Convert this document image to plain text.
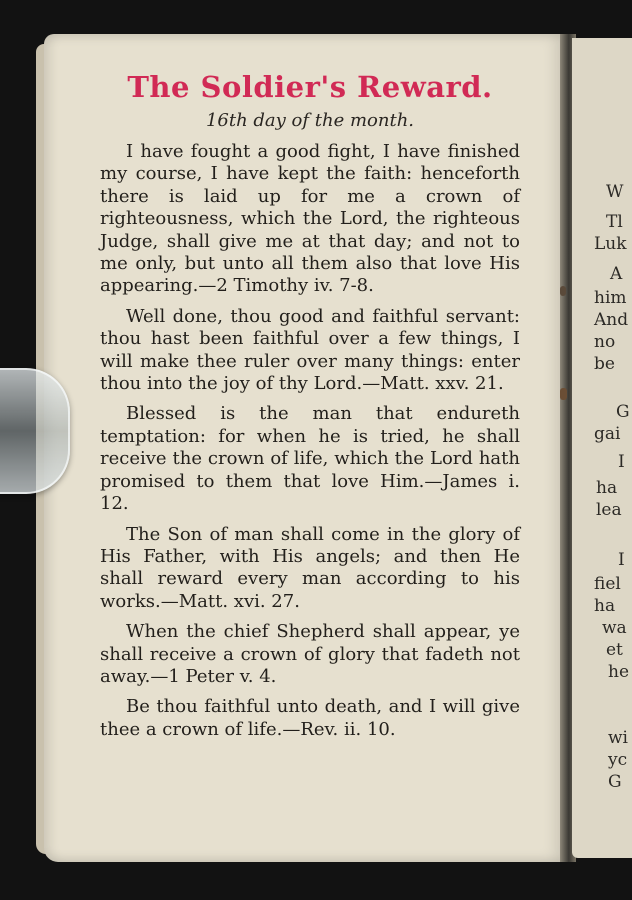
W
Tl
Luk
A
him
And
no
be
G
gai
I
ha
lea
I
fiel
ha
wa
et
he
wi
yc
G
The Soldier's Reward.
16th day of the month.

I have fought a good fight, I have finished my course, I have kept the faith: henceforth there is laid up for me a crown of righteousness, which the Lord, the righteous Judge, shall give me at that day; and not to me only, but unto all them also that love His appearing.—2 Timothy iv. 7-8.

Well done, thou good and faithful servant: thou hast been faithful over a few things, I will make thee ruler over many things: enter thou into the joy of thy Lord.—Matt. xxv. 21.

Blessed is the man that endureth temptation: for when he is tried, he shall receive the crown of life, which the Lord hath promised to them that love Him.—James i. 12.

The Son of man shall come in the glory of His Father, with His angels; and then He shall reward every man according to his works.—Matt. xvi. 27.

When the chief Shepherd shall appear, ye shall receive a crown of glory that fadeth not away.—1 Peter v. 4.

Be thou faithful unto death, and I will give thee a crown of life.—Rev. ii. 10.
